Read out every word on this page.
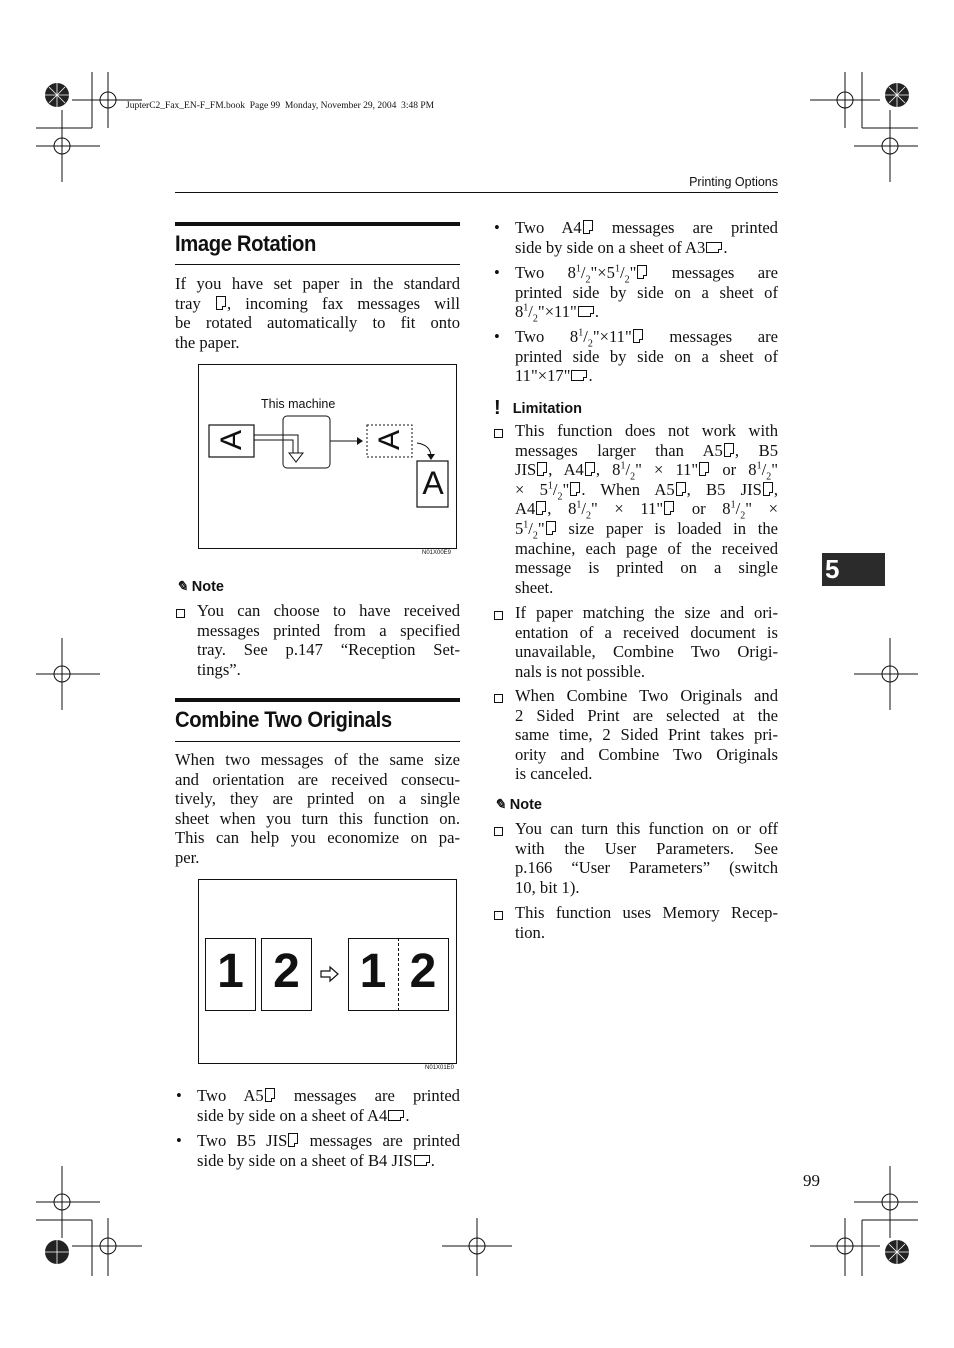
JupterC2_Fax_EN-F_FM.book  Page 99  Monday, November 29, 2004  3:48 PM
Printing Options
5
Image Rotation
If you have set paper in the standard
tray , incoming fax messages will
be rotated automatically to fit onto
the paper.
This machine
A	A
A
N01X00E9
✎ Note
You can choose to have received
messages printed from a specified
tray. See p.147 “Reception Set-
tings”.
Combine Two Originals
When two messages of the same size
and orientation are received consecu-
tively, they are printed on a single
sheet when you turn this function on.
This can help you economize on pa-
per.
1 2 1 2
N01X01E0
• Two A5 messages are printed
side by side on a sheet of A4 .
• Two B5 JIS messages are printed
side by side on a sheet of B4 JIS .
• Two A4 messages are printed
side by side on a sheet of A3 .
• Two $8^1/_2"\times 5^1/_2$" messages are
printed side by side on a sheet of
$8^1/_2"\times 11$" .
• Two $8^1/_2"\times 11$" messages are
printed side by side on a sheet of
11"×17" .
! Limitation
This function does not work with
messages larger than A5 , B5
JIS , A4 , $8^1/_2$" × 11" or $8^1/_2$"
× $5^1/_2$" . When A5 , B5 JIS ,
A4 , $8^1/_2$" × 11" or $8^1/_2$" ×
$5^1/_2$" size paper is loaded in the
machine, each page of the received
message is printed on a single
sheet.
If paper matching the size and ori-
entation of a received document is
unavailable, Combine Two Origi-
nals is not possible.
When Combine Two Originals and
2 Sided Print are selected at the
same time, 2 Sided Print takes pri-
ority and Combine Two Originals
is canceled.
✎ Note
You can turn this function on or off
with the User Parameters. See
p.166 “User Parameters” (switch
10, bit 1).
This function uses Memory Recep-
tion.
99
